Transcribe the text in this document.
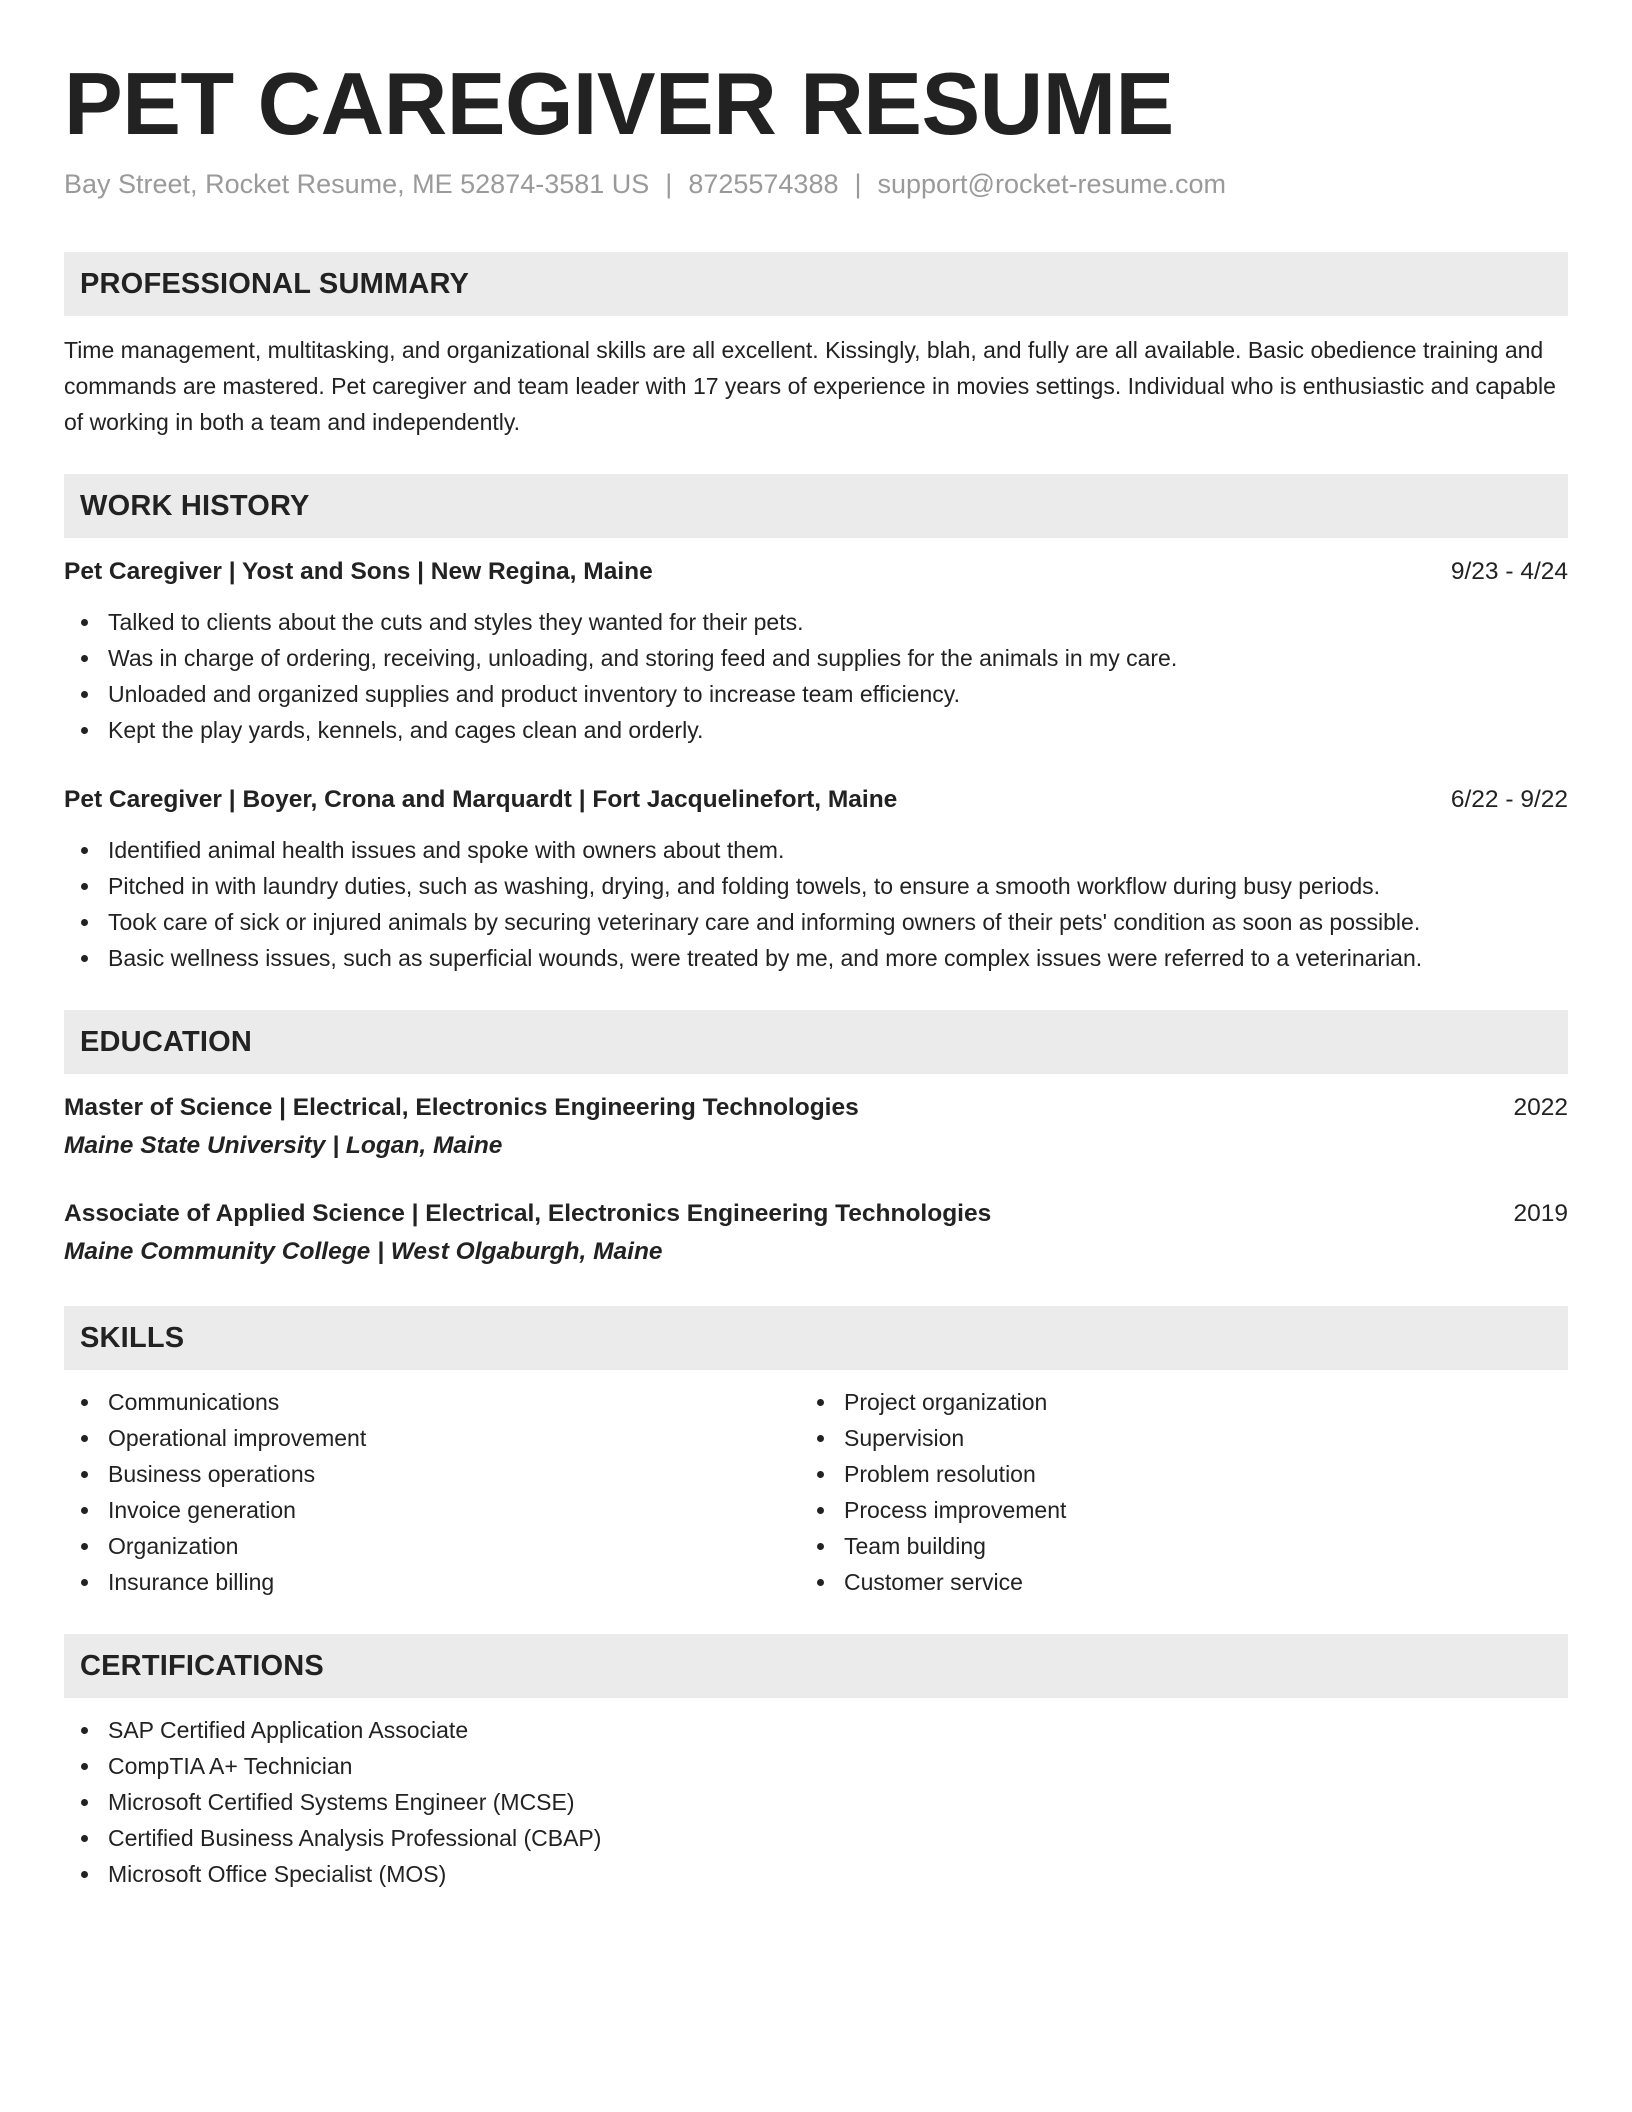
PET CAREGIVER RESUME
Bay Street, Rocket Resume, ME 52874-3581 US | 8725574388 | support@rocket-resume.com
PROFESSIONAL SUMMARY
Time management, multitasking, and organizational skills are all excellent. Kissingly, blah, and fully are all available. Basic obedience training and commands are mastered. Pet caregiver and team leader with 17 years of experience in movies settings. Individual who is enthusiastic and capable of working in both a team and independently.
WORK HISTORY
Pet Caregiver | Yost and Sons | New Regina, Maine	9/23 - 4/24
Talked to clients about the cuts and styles they wanted for their pets.
Was in charge of ordering, receiving, unloading, and storing feed and supplies for the animals in my care.
Unloaded and organized supplies and product inventory to increase team efficiency.
Kept the play yards, kennels, and cages clean and orderly.
Pet Caregiver | Boyer, Crona and Marquardt | Fort Jacquelinefort, Maine	6/22 - 9/22
Identified animal health issues and spoke with owners about them.
Pitched in with laundry duties, such as washing, drying, and folding towels, to ensure a smooth workflow during busy periods.
Took care of sick or injured animals by securing veterinary care and informing owners of their pets' condition as soon as possible.
Basic wellness issues, such as superficial wounds, were treated by me, and more complex issues were referred to a veterinarian.
EDUCATION
Master of Science | Electrical, Electronics Engineering Technologies	2022
Maine State University | Logan, Maine
Associate of Applied Science | Electrical, Electronics Engineering Technologies	2019
Maine Community College | West Olgaburgh, Maine
SKILLS
Communications
Operational improvement
Business operations
Invoice generation
Organization
Insurance billing
Project organization
Supervision
Problem resolution
Process improvement
Team building
Customer service
CERTIFICATIONS
SAP Certified Application Associate
CompTIA A+ Technician
Microsoft Certified Systems Engineer (MCSE)
Certified Business Analysis Professional (CBAP)
Microsoft Office Specialist (MOS)
